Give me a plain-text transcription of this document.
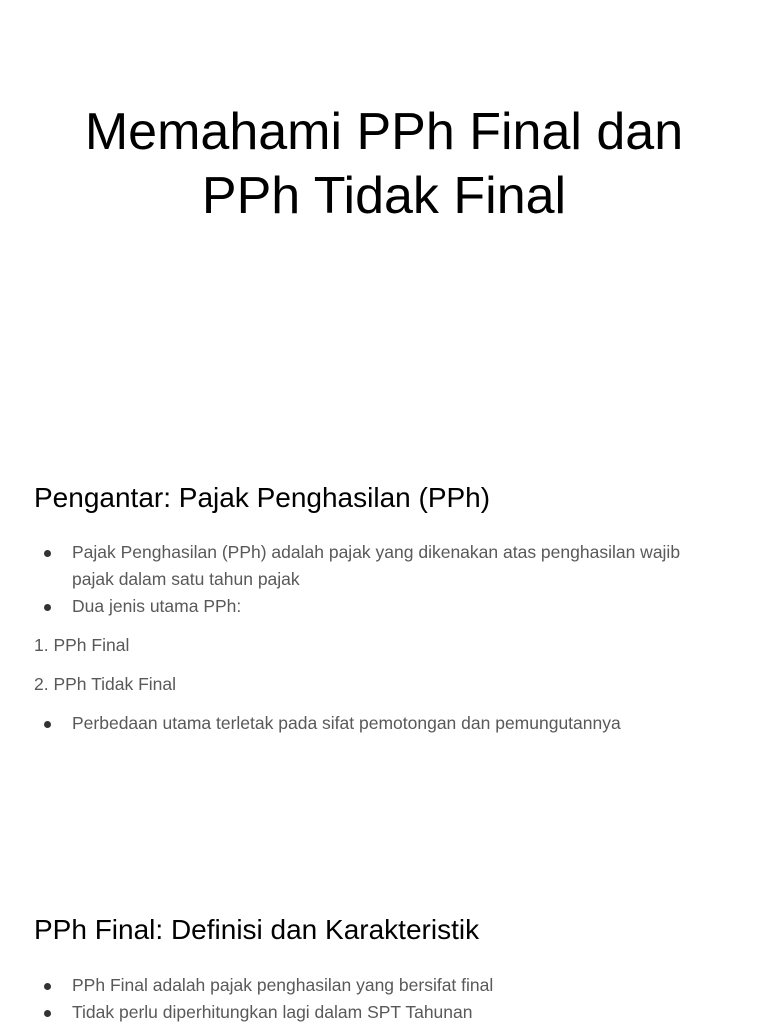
Memahami PPh Final dan
PPh Tidak Final
Pengantar: Pajak Penghasilan (PPh)
Pajak Penghasilan (PPh) adalah pajak yang dikenakan atas penghasilan wajib pajak dalam satu tahun pajak
Dua jenis utama PPh:

1. PPh Final

2. PPh Tidak Final

Perbedaan utama terletak pada sifat pemotongan dan pemungutannya
PPh Final: Definisi dan Karakteristik
PPh Final adalah pajak penghasilan yang bersifat final
Tidak perlu diperhitungkan lagi dalam SPT Tahunan
